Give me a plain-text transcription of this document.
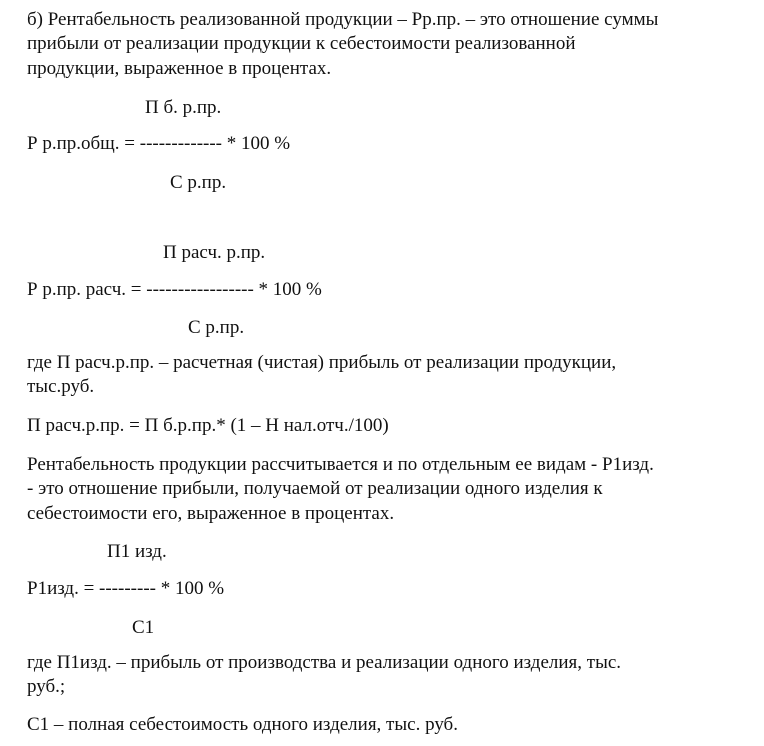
б) Рентабельность реализованной продукции – Рр.пр. – это отношение суммы
прибыли от реализации продукции к себестоимости реализованной
продукции, выраженное в процентах.
П б. р.пр.
Р р.пр.общ. = ------------- * 100 %
С р.пр.
П расч. р.пр.
Р р.пр. расч. = ----------------- * 100 %
С р.пр.
где П расч.р.пр. – расчетная (чистая) прибыль от реализации продукции,
тыс.руб.
П расч.р.пр. = П б.р.пр.* (1 – Н нал.отч./100)
Рентабельность продукции рассчитывается и по отдельным ее видам - Р1изд.
- это отношение прибыли, получаемой от реализации одного изделия к
себестоимости его, выраженное в процентах.
П1 изд.
Р1изд. = --------- * 100 %
С1
где П1изд. – прибыль от производства и реализации одного изделия, тыс.
руб.;
С1 – полная себестоимость одного изделия, тыс. руб.
